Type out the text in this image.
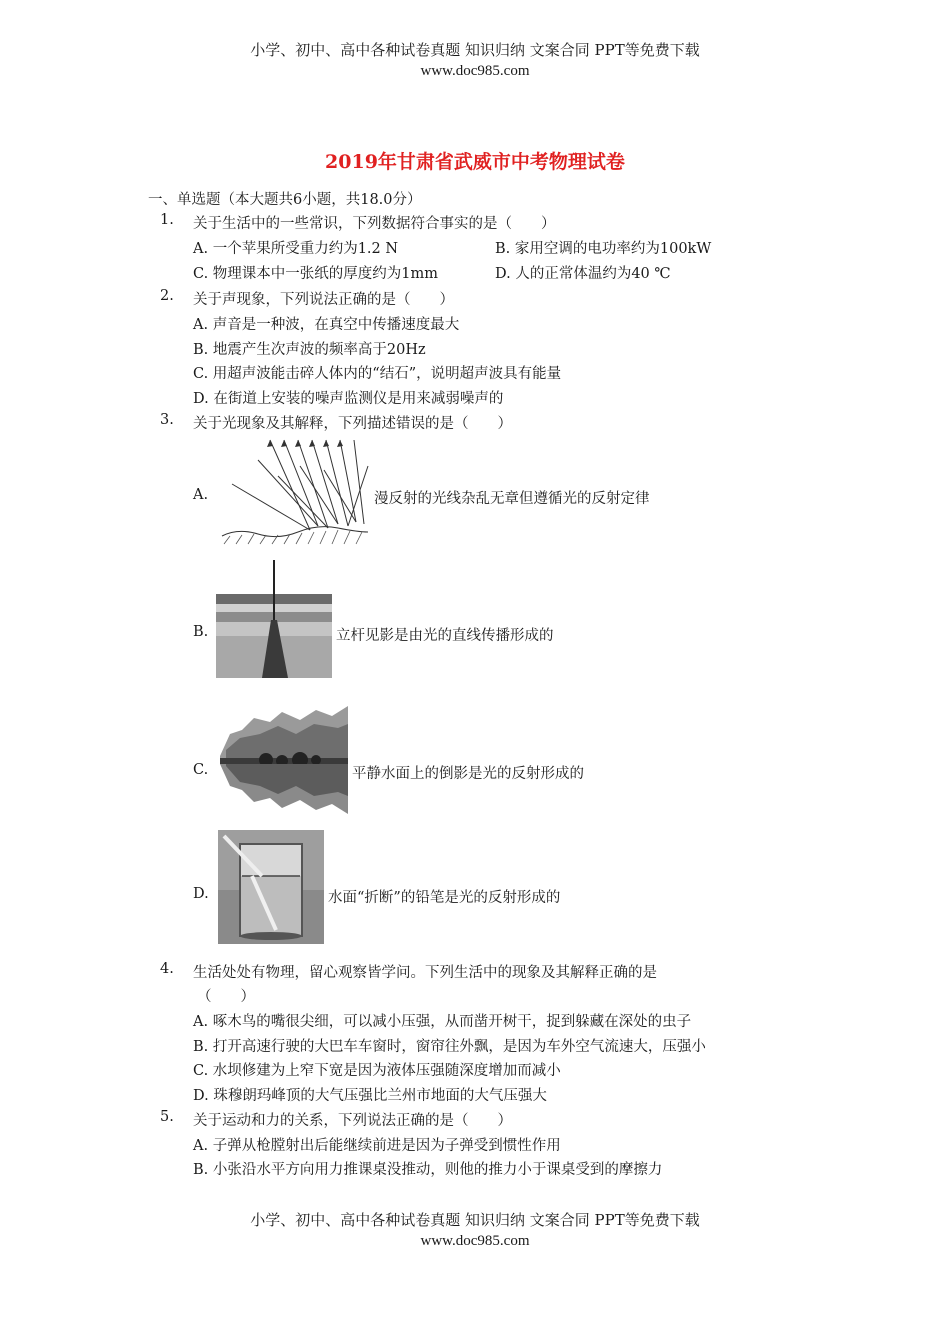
小学、初中、高中各种试卷真题 知识归纳 文案合同 PPT等免费下载
www.doc985.com
2019年甘肃省武威市中考物理试卷
一、单选题（本大题共6小题，共18.0分）
1. 关于生活中的一些常识，下列数据符合事实的是（　　）
A. 一个苹果所受重力约为1.2 N	B. 家用空调的电功率约为100kW
C. 物理课本中一张纸的厚度约为1mm	D. 人的正常体温约为40 ℃
2. 关于声现象，下列说法正确的是（　　）
A. 声音是一种波，在真空中传播速度最大
B. 地震产生次声波的频率高于20Hz
C. 用超声波能击碎人体内的“结石”，说明超声波具有能量
D. 在街道上安装的噪声监测仪是用来减弱噪声的
3. 关于光现象及其解释，下列描述错误的是（　　）
A.	漫反射的光线杂乱无章但遵循光的反射定律
B.	立杆见影是由光的直线传播形成的
C.	平静水面上的倒影是光的反射形成的
D.	水面“折断”的铅笔是光的反射形成的
4. 生活处处有物理，留心观察皆学问。下列生活中的现象及其解释正确的是
（　　）
A. 啄木鸟的嘴很尖细，可以减小压强，从而凿开树干，捉到躲藏在深处的虫子
B. 打开高速行驶的大巴车车窗时，窗帘往外飘，是因为车外空气流速大，压强小
C. 水坝修建为上窄下宽是因为液体压强随深度增加而减小
D. 珠穆朗玛峰顶的大气压强比兰州市地面的大气压强大
5. 关于运动和力的关系，下列说法正确的是（　　）
A. 子弹从枪膛射出后能继续前进是因为子弹受到惯性作用
B. 小张沿水平方向用力推课桌没推动，则他的推力小于课桌受到的摩擦力
小学、初中、高中各种试卷真题 知识归纳 文案合同 PPT等免费下载
www.doc985.com
